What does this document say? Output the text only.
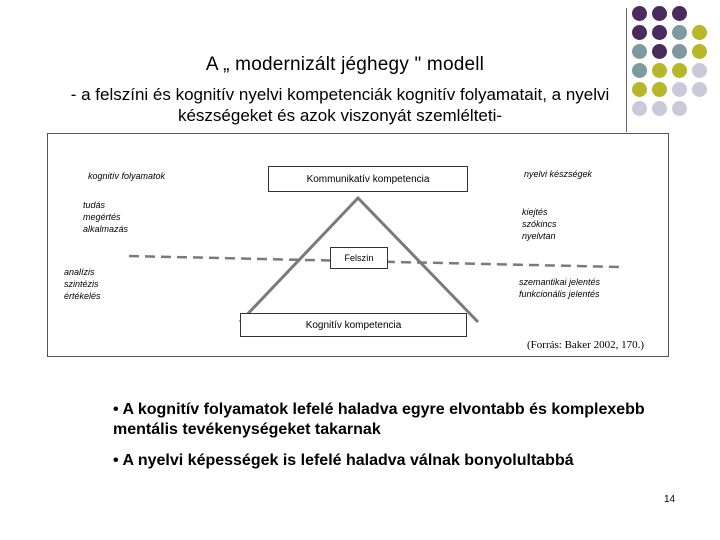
A „ modernizált jéghegy " modell
- a felszíni és kognitív nyelvi kompetenciák kognitív folyamatait, a nyelvi készségeket és azok viszonyát szemlélteti-
kognitív folyamatok	nyelvi készségek
Kommunikatív kompetencia
Felszín
Kognitív kompetencia
tudás
megértés
alkalmazás
kiejtés
szókincs
nyelvtan
analízis
szintézis
értékelés
szemantikai jelentés
funkcionális jelentés
(Forrás: Baker 2002, 170.)
• A kognitív folyamatok lefelé haladva egyre elvontabb és komplexebb mentális tevékenységeket takarnak
• A nyelvi képességek is lefelé haladva válnak bonyolultabbá
14
